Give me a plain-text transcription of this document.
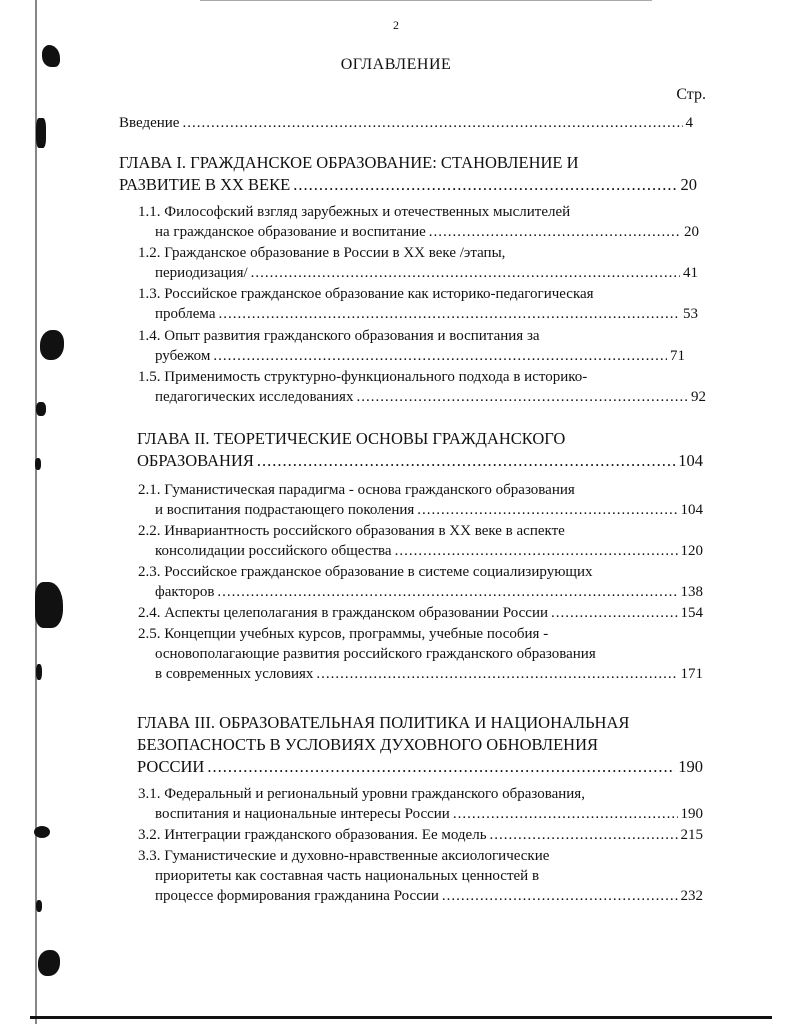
2
ОГЛАВЛЕНИЕ
Стр.
Введение .....	4
ГЛАВА I. ГРАЖДАНСКОЕ ОБРАЗОВАНИЕ: СТАНОВЛЕНИЕ И
РАЗВИТИЕ В XX ВЕКЕ .....	20
1.1. Философский взгляд зарубежных и отечественных мыслителей
на гражданское образование и воспитание .....	20
1.2. Гражданское образование в России в XX веке /этапы,
периодизация/ .....	41
1.3. Российское гражданское образование как историко-педагогическая
проблема .....	53
1.4. Опыт развития гражданского образования и воспитания за
рубежом .....	71
1.5. Применимость структурно-функционального подхода в историко-
педагогических исследованиях .....	92
ГЛАВА II. ТЕОРЕТИЧЕСКИЕ ОСНОВЫ ГРАЖДАНСКОГО
ОБРАЗОВАНИЯ .....	104
2.1. Гуманистическая парадигма - основа гражданского образования
и воспитания подрастающего поколения .....	104
2.2. Инвариантность российского образования в XX веке в аспекте
консолидации российского общества .....	120
2.3. Российское гражданское образование в системе социализирующих
факторов .....	138
2.4. Аспекты целеполагания в гражданском образовании России .....	154
2.5. Концепции учебных курсов, программы, учебные пособия -
основополагающие развития российского гражданского образования
в современных условиях .....	171
ГЛАВА III. ОБРАЗОВАТЕЛЬНАЯ ПОЛИТИКА И НАЦИОНАЛЬНАЯ
БЕЗОПАСНОСТЬ В УСЛОВИЯХ ДУХОВНОГО ОБНОВЛЕНИЯ
РОССИИ .....	190
3.1. Федеральный и региональный уровни гражданского образования,
воспитания и национальные интересы России .....	190
3.2. Интеграции гражданского образования. Ее модель .....	215
3.3. Гуманистические и духовно-нравственные аксиологические
приоритеты как составная часть национальных ценностей в
процессе формирования гражданина России .....	232
